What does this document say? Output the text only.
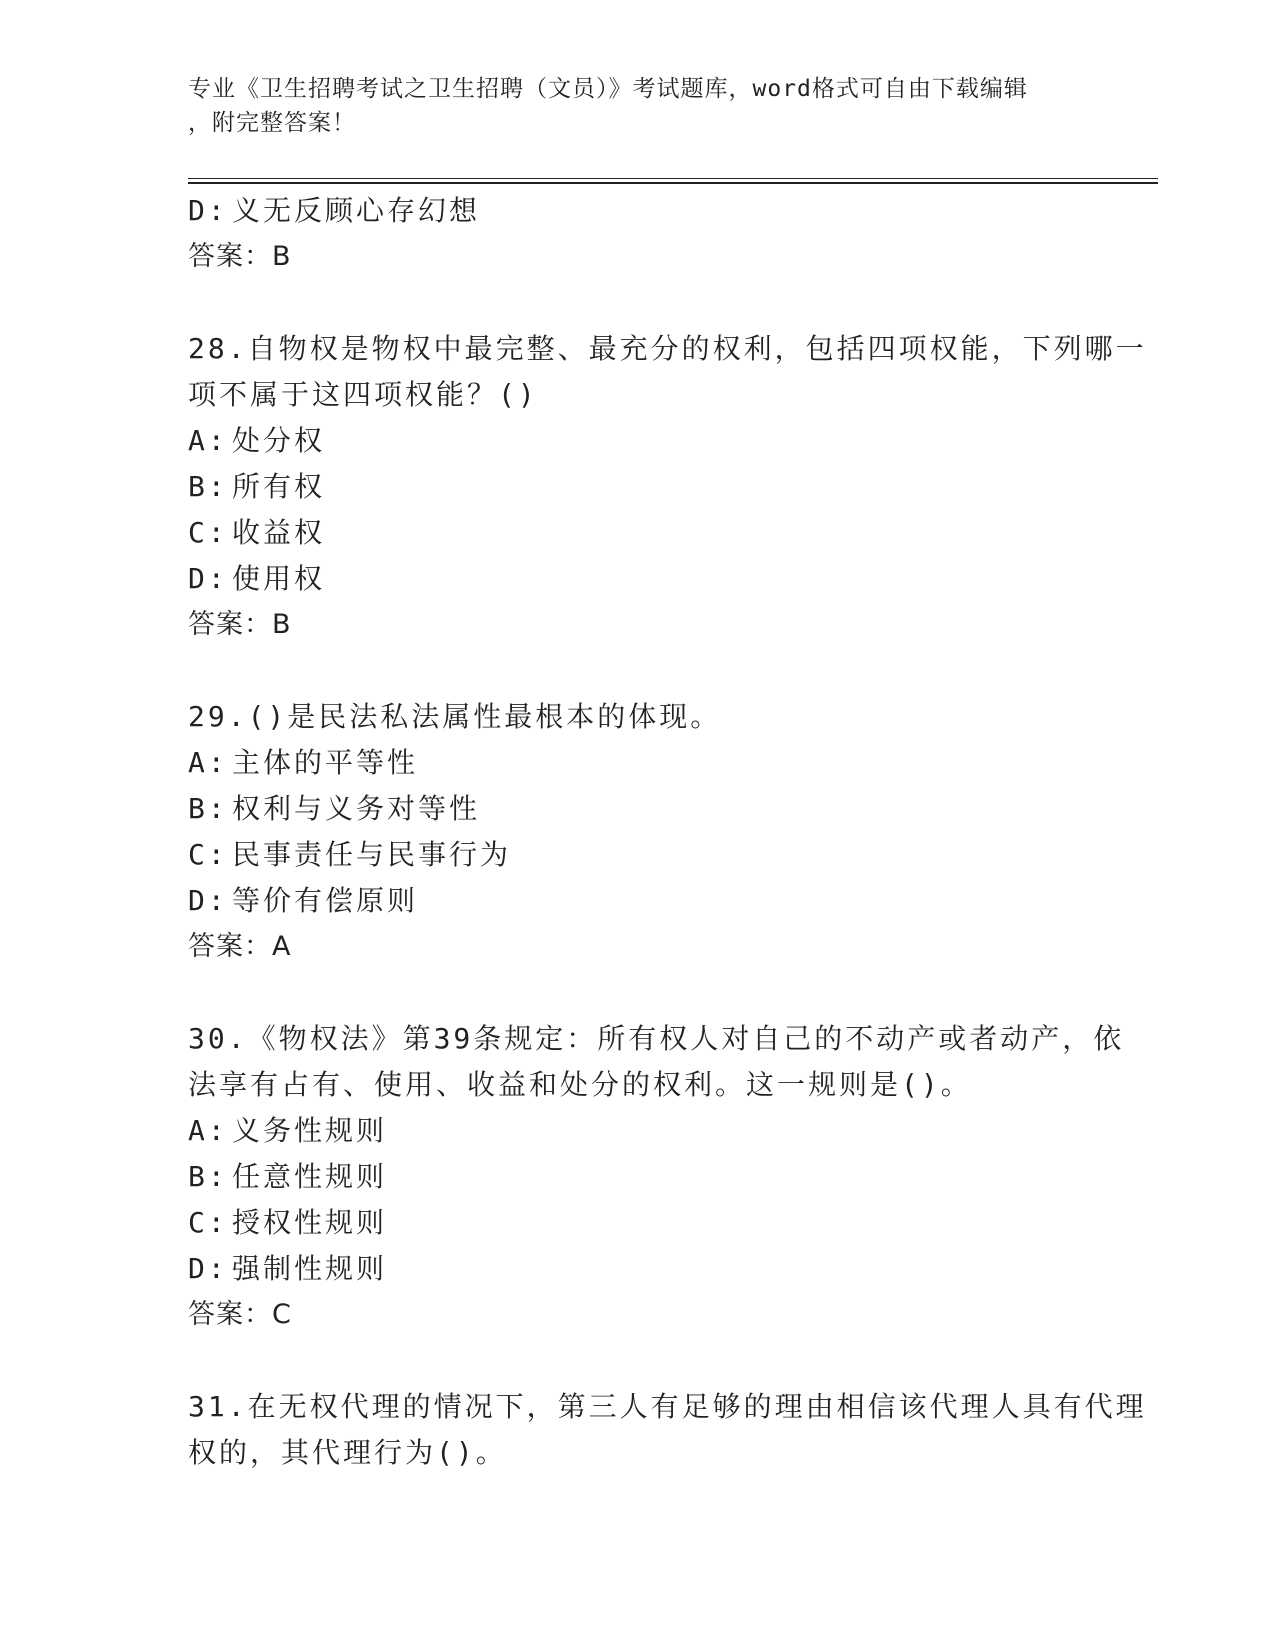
专业《卫生招聘考试之卫生招聘（文员）》考试题库，word格式可自由下载编辑
，附完整答案！
D: 义无反顾心存幻想
答案：B
28.自物权是物权中最完整、最充分的权利，包括四项权能，下列哪一
项不属于这四项权能？()
A: 处分权
B: 所有权
C: 收益权
D: 使用权
答案：B
29.()是民法私法属性最根本的体现。
A: 主体的平等性
B: 权利与义务对等性
C: 民事责任与民事行为
D: 等价有偿原则
答案：A
30.《物权法》第39条规定：所有权人对自己的不动产或者动产，依
法享有占有、使用、收益和处分的权利。这一规则是()。
A: 义务性规则
B: 任意性规则
C: 授权性规则
D: 强制性规则
答案：C
31.在无权代理的情况下，第三人有足够的理由相信该代理人具有代理
权的，其代理行为()。
